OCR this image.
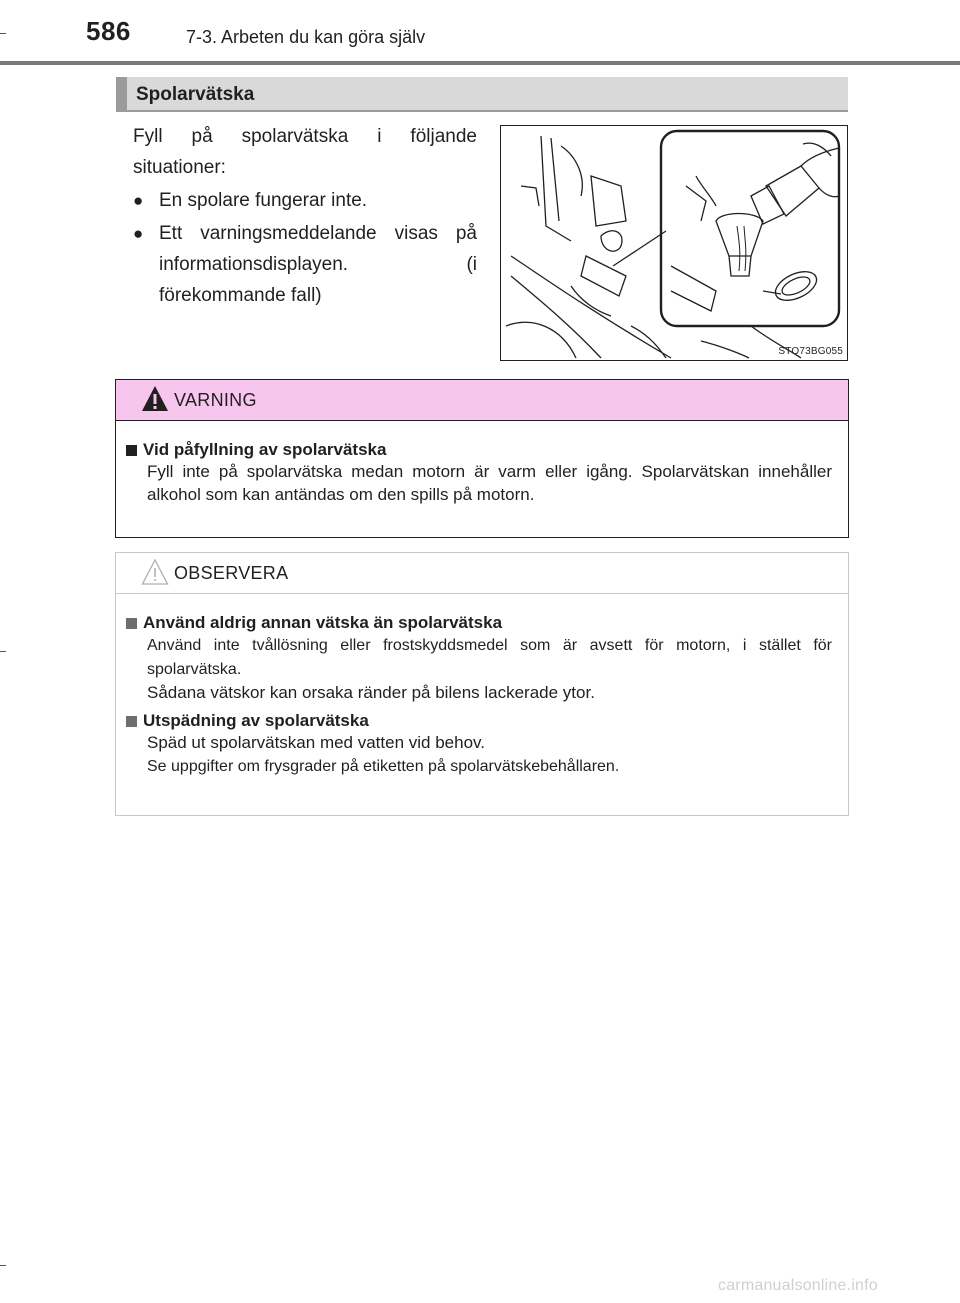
586	7-3. Arbeten du kan göra själv
Spolarvätska

Fyll på spolarvätska i följande situationer:

● En spolare fungerar inte.
● Ett varningsmeddelande visas på informationsdisplayen. (i förekommande fall)
STO73BG055
VARNING
Vid påfyllning av spolarvätska
Fyll inte på spolarvätska medan motorn är varm eller igång. Spolarvätskan innehåller alkohol som kan antändas om den spills på motorn.
OBSERVERA
Använd aldrig annan vätska än spolarvätska
Använd inte tvållösning eller frostskyddsmedel som är avsett för motorn, i stället för spolarvätska.
Sådana vätskor kan orsaka ränder på bilens lackerade ytor.
Utspädning av spolarvätska
Späd ut spolarvätskan med vatten vid behov.
Se uppgifter om frysgrader på etiketten på spolarvätskebehållaren.
carmanualsonline.info
